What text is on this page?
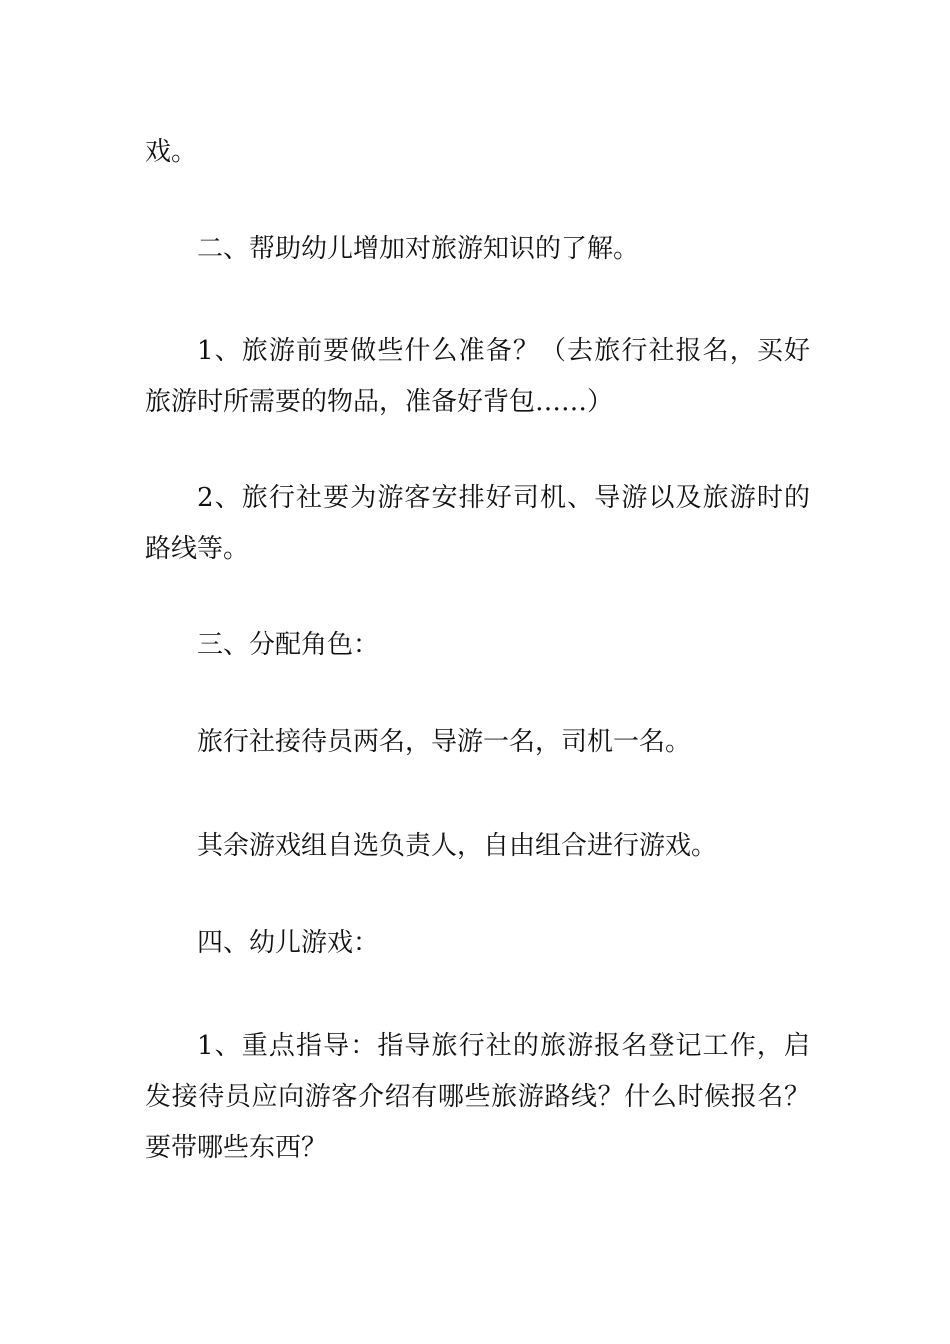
戏。

二、帮助幼儿增加对旅游知识的了解。

1、旅游前要做些什么准备？（去旅行社报名，买好旅游时所需要的物品，准备好背包……）

2、旅行社要为游客安排好司机、导游以及旅游时的路线等。

三、分配角色：

旅行社接待员两名，导游一名，司机一名。

其余游戏组自选负责人，自由组合进行游戏。

四、幼儿游戏：

1、重点指导：指导旅行社的旅游报名登记工作，启发接待员应向游客介绍有哪些旅游路线？什么时候报名？要带哪些东西？
